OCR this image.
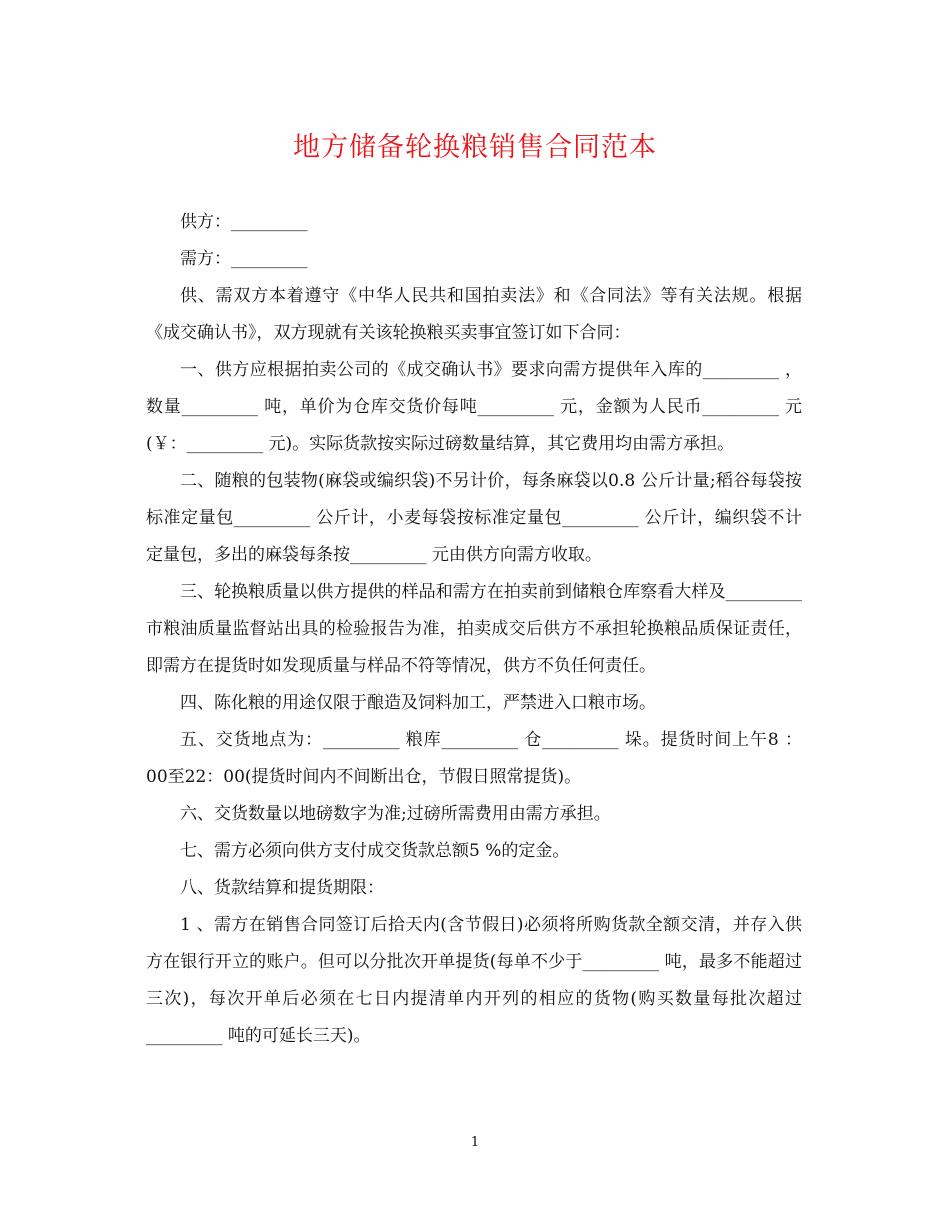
地方储备轮换粮销售合同范本

供方：_________

需方：_________

供、需双方本着遵守《中华人民共和国拍卖法》和《合同法》等有关法规。根据《成交确认书》，双方现就有关该轮换粮买卖事宜签订如下合同：

一、供方应根据拍卖公司的《成交确认书》要求向需方提供年入库的_________ ，数量_________ 吨，单价为仓库交货价每吨_________ 元，金额为人民币_________ 元(￥：_________ 元)。实际货款按实际过磅数量结算，其它费用均由需方承担。

二、随粮的包装物(麻袋或编织袋)不另计价，每条麻袋以0.8 公斤计量;稻谷每袋按标准定量包_________ 公斤计，小麦每袋按标准定量包_________ 公斤计，编织袋不计定量包，多出的麻袋每条按_________ 元由供方向需方收取。

三、轮换粮质量以供方提供的样品和需方在拍卖前到储粮仓库察看大样及_________ 市粮油质量监督站出具的检验报告为准，拍卖成交后供方不承担轮换粮品质保证责任，即需方在提货时如发现质量与样品不符等情况，供方不负任何责任。

四、陈化粮的用途仅限于酿造及饲料加工，严禁进入口粮市场。

五、交货地点为：_________ 粮库_________ 仓_________ 垛。提货时间上午8 ：00至22：00(提货时间内不间断出仓，节假日照常提货)。

六、交货数量以地磅数字为准;过磅所需费用由需方承担。

七、需方必须向供方支付成交货款总额5 %的定金。

八、货款结算和提货期限：

1 、需方在销售合同签订后拾天内(含节假日)必须将所购货款全额交清，并存入供方在银行开立的账户。但可以分批次开单提货(每单不少于_________ 吨，最多不能超过三次)，每次开单后必须在七日内提清单内开列的相应的货物(购买数量每批次超过_________ 吨的可延长三天)。

1
